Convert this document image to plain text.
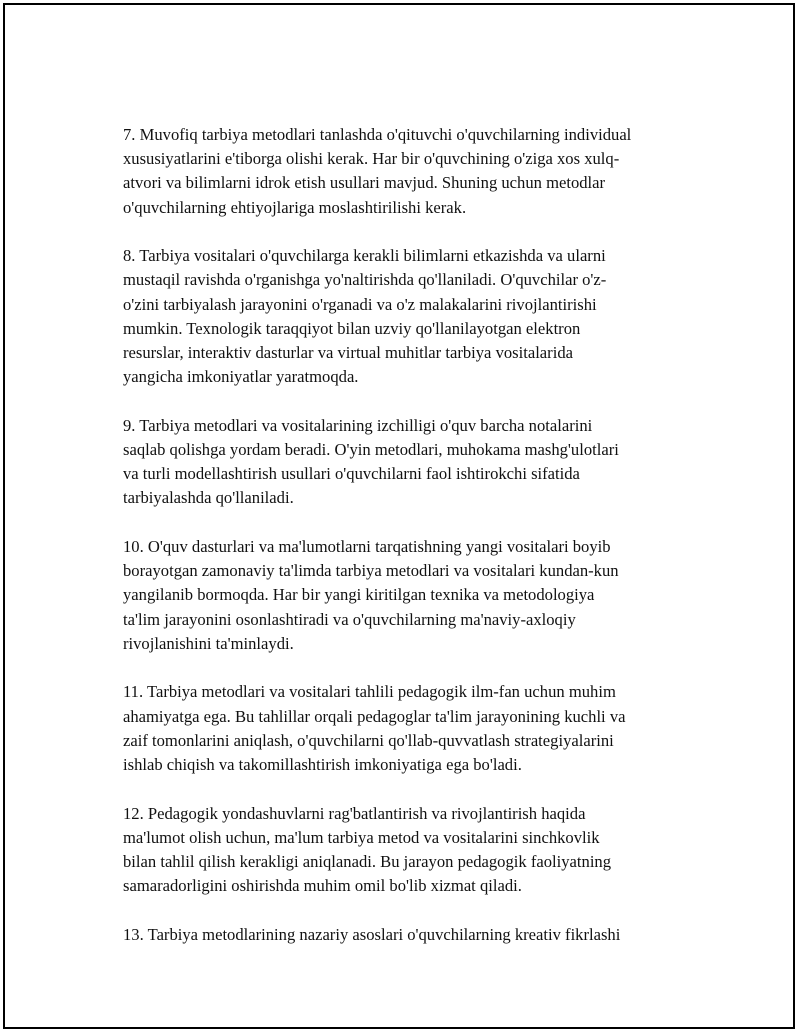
7. Muvofiq tarbiya metodlari tanlashda o'qituvchi o'quvchilarning individual
xususiyatlarini e'tiborga olishi kerak. Har bir o'quvchining o'ziga xos xulq-
atvori va bilimlarni idrok etish usullari mavjud. Shuning uchun metodlar
o'quvchilarning ehtiyojlariga moslashtirilishi kerak.

8. Tarbiya vositalari o'quvchilarga kerakli bilimlarni etkazishda va ularni
mustaqil ravishda o'rganishga yo'naltirishda qo'llaniladi. O'quvchilar o'z-
o'zini tarbiyalash jarayonini o'rganadi va o'z malakalarini rivojlantirishi
mumkin. Texnologik taraqqiyot bilan uzviy qo'llanilayotgan elektron
resurslar, interaktiv dasturlar va virtual muhitlar tarbiya vositalarida
yangicha imkoniyatlar yaratmoqda.

9. Tarbiya metodlari va vositalarining izchilligi o'quv barcha notalarini
saqlab qolishga yordam beradi. O'yin metodlari, muhokama mashg'ulotlari
va turli modellashtirish usullari o'quvchilarni faol ishtirokchi sifatida
tarbiyalashda qo'llaniladi.

10. O'quv dasturlari va ma'lumotlarni tarqatishning yangi vositalari boyib
borayotgan zamonaviy ta'limda tarbiya metodlari va vositalari kundan-kun
yangilanib bormoqda. Har bir yangi kiritilgan texnika va metodologiya
ta'lim jarayonini osonlashtiradi va o'quvchilarning ma'naviy-axloqiy
rivojlanishini ta'minlaydi.

11. Tarbiya metodlari va vositalari tahlili pedagogik ilm-fan uchun muhim
ahamiyatga ega. Bu tahlillar orqali pedagoglar ta'lim jarayonining kuchli va
zaif tomonlarini aniqlash, o'quvchilarni qo'llab-quvvatlash strategiyalarini
ishlab chiqish va takomillashtirish imkoniyatiga ega bo'ladi.

12. Pedagogik yondashuvlarni rag'batlantirish va rivojlantirish haqida
ma'lumot olish uchun, ma'lum tarbiya metod va vositalarini sinchkovlik
bilan tahlil qilish kerakligi aniqlanadi. Bu jarayon pedagogik faoliyatning
samaradorligini oshirishda muhim omil bo'lib xizmat qiladi.

13. Tarbiya metodlarining nazariy asoslari o'quvchilarning kreativ fikrlashi
